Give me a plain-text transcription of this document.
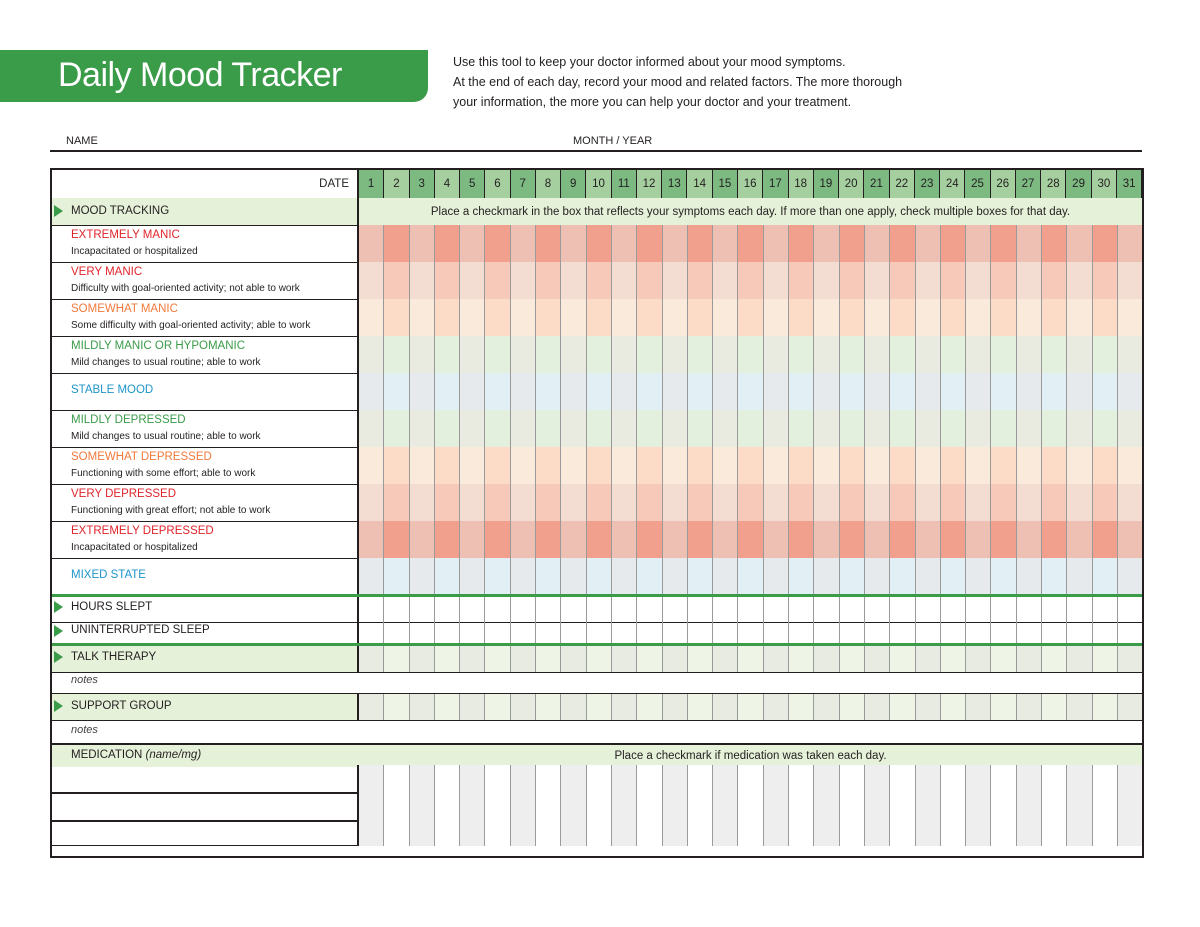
Daily Mood Tracker	Use this tool to keep your doctor informed about your mood symptoms.
At the end of each day, record your mood and related factors. The more thorough
your information, the more you can help your doctor and your treatment.
NAME	MONTH / YEAR
DATE	1	2	3	4	5	6	7	8	9	10	11	12	13	14	15	16	17	18	19	20	21	22	23	24	25	26	27	28	29	30	31
MOOD TRACKING	Place a checkmark in the box that reflects your symptoms each day. If more than one apply, check multiple boxes for that day.
EXTREMELY MANIC
Incapacitated or hospitalized
VERY MANIC
Difficulty with goal-oriented activity; not able to work
SOMEWHAT MANIC
Some difficulty with goal-oriented activity; able to work
MILDLY MANIC OR HYPOMANIC
Mild changes to usual routine; able to work
STABLE MOOD
MILDLY DEPRESSED
Mild changes to usual routine; able to work
SOMEWHAT DEPRESSED
Functioning with some effort; able to work
VERY DEPRESSED
Functioning with great effort; not able to work
EXTREMELY DEPRESSED
Incapacitated or hospitalized
MIXED STATE
HOURS SLEPT
UNINTERRUPTED SLEEP
TALK THERAPY
notes
SUPPORT GROUP
notes
MEDICATION (name/mg)	Place a checkmark if medication was taken each day.
